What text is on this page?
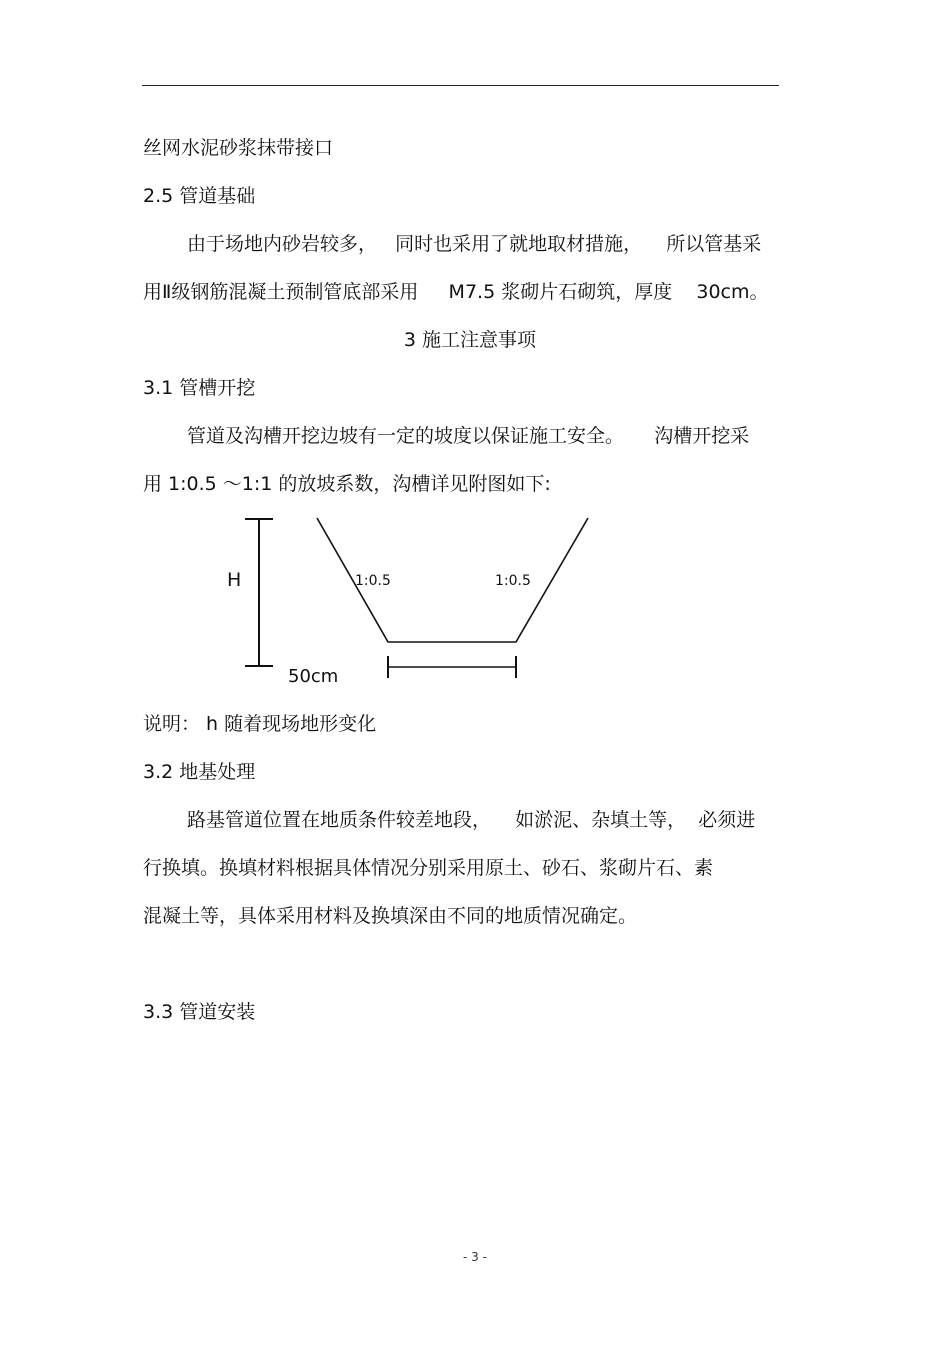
丝网水泥砂浆抹带接口
2.5 管道基础
由于场地内砂岩较多，   同时也采用了就地取材措施，    所以管基采
用Ⅱ级钢筋混凝土预制管底部采用     M7.5 浆砌片石砌筑，厚度    30cm。
3 施工注意事项
3.1 管槽开挖
管道及沟槽开挖边坡有一定的坡度以保证施工安全。     沟槽开挖采
用 1:0.5 ～1:1 的放坡系数，沟槽详见附图如下:
H	1:0.5	1:0.5
50cm
说明： h 随着现场地形变化
3.2 地基处理
路基管道位置在地质条件较差地段，    如淤泥、杂填土等，  必须进
行换填。换填材料根据具体情况分别采用原土、砂石、浆砌片石、素
混凝土等，具体采用材料及换填深由不同的地质情况确定。
3.3 管道安装
- 3 -
